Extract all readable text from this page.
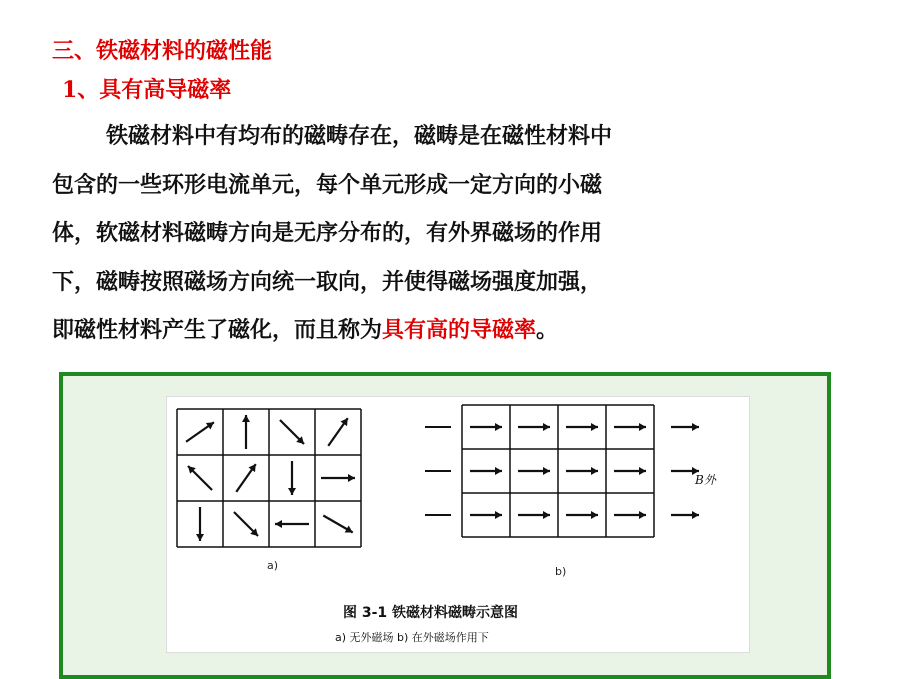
三、铁磁材料的磁性能
1、具有高导磁率
铁磁材料中有均布的磁畴存在，磁畴是在磁性材料中
包含的一些环形电流单元，每个单元形成一定方向的小磁
体，软磁材料磁畴方向是无序分布的，有外界磁场的作用
下，磁畴按照磁场方向统一取向，并使得磁场强度加强，
即磁性材料产生了磁化，而且称为具有高的导磁率。
a)	b)
B外
图 3-1 铁磁材料磁畴示意图
a) 无外磁场 b) 在外磁场作用下
